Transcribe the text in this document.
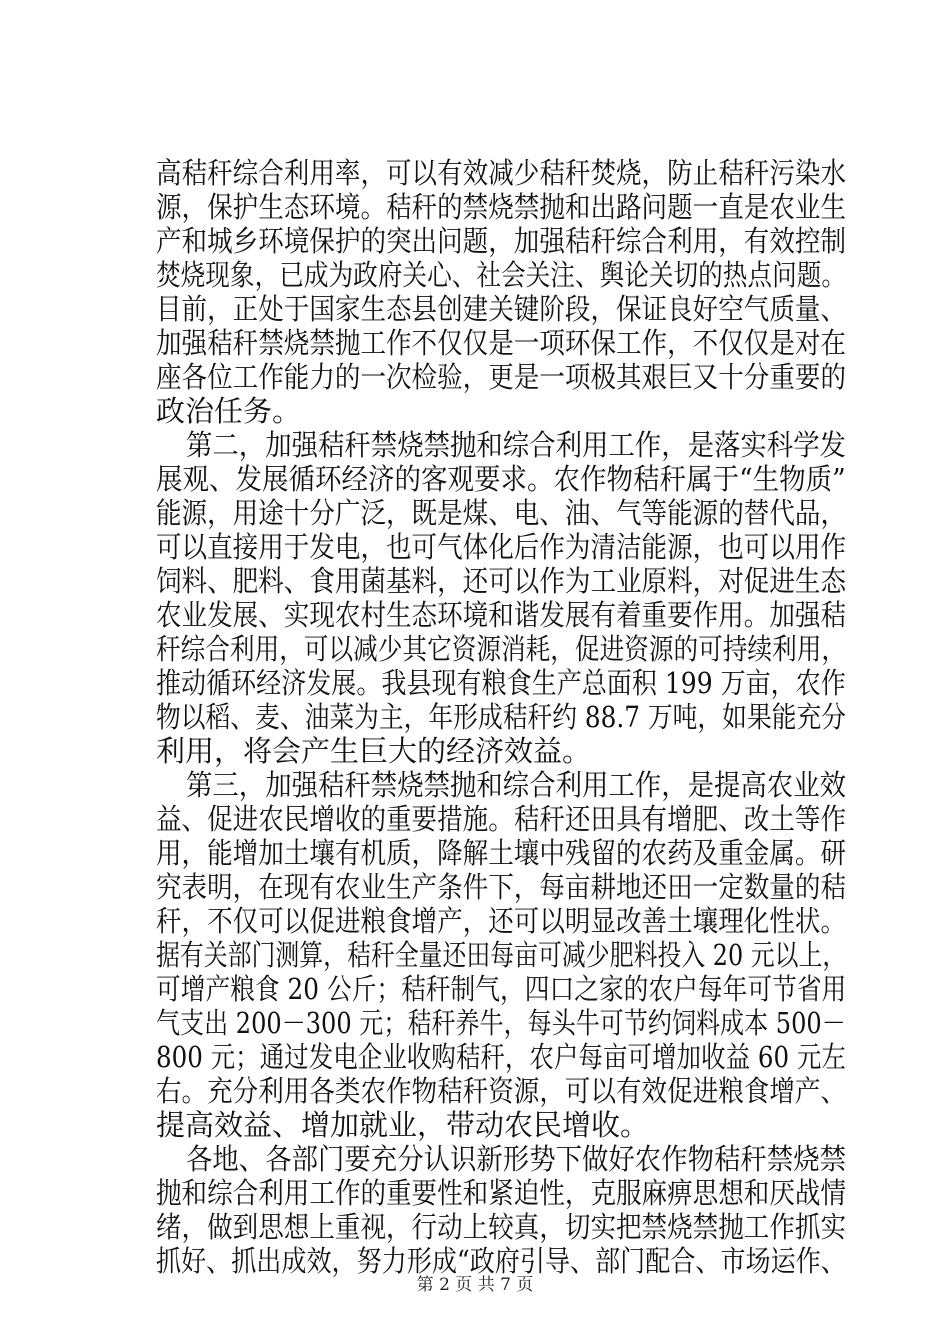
高秸秆综合利用率，可以有效减少秸秆焚烧，防止秸秆污染水
源，保护生态环境。秸秆的禁烧禁抛和出路问题一直是农业生
产和城乡环境保护的突出问题，加强秸秆综合利用，有效控制
焚烧现象，已成为政府关心、社会关注、舆论关切的热点问题。
目前，正处于国家生态县创建关键阶段，保证良好空气质量、
加强秸秆禁烧禁抛工作不仅仅是一项环保工作，不仅仅是对在
座各位工作能力的一次检验，更是一项极其艰巨又十分重要的
政治任务。
第二，加强秸秆禁烧禁抛和综合利用工作，是落实科学发
展观、发展循环经济的客观要求。农作物秸秆属于“生物质”
能源，用途十分广泛，既是煤、电、油、气等能源的替代品，
可以直接用于发电，也可气体化后作为清洁能源，也可以用作
饲料、肥料、食用菌基料，还可以作为工业原料，对促进生态
农业发展、实现农村生态环境和谐发展有着重要作用。加强秸
秆综合利用，可以减少其它资源消耗，促进资源的可持续利用，
推动循环经济发展。我县现有粮食生产总面积 199 万亩，农作
物以稻、麦、油菜为主，年形成秸秆约 88.7 万吨，如果能充分
利用，将会产生巨大的经济效益。
第三，加强秸秆禁烧禁抛和综合利用工作，是提高农业效
益、促进农民增收的重要措施。秸秆还田具有增肥、改土等作
用，能增加土壤有机质，降解土壤中残留的农药及重金属。研
究表明，在现有农业生产条件下，每亩耕地还田一定数量的秸
秆，不仅可以促进粮食增产，还可以明显改善土壤理化性状。
据有关部门测算，秸秆全量还田每亩可减少肥料投入 20 元以上，
可增产粮食 20 公斤；秸秆制气，四口之家的农户每年可节省用
气支出 200－300 元；秸秆养牛，每头牛可节约饲料成本 500－
800 元；通过发电企业收购秸秆，农户每亩可增加收益 60 元左
右。充分利用各类农作物秸秆资源，可以有效促进粮食增产、
提高效益、增加就业，带动农民增收。
各地、各部门要充分认识新形势下做好农作物秸秆禁烧禁
抛和综合利用工作的重要性和紧迫性，克服麻痹思想和厌战情
绪，做到思想上重视，行动上较真，切实把禁烧禁抛工作抓实
抓好、抓出成效，努力形成“政府引导、部门配合、市场运作、
第 2 页 共 7 页
